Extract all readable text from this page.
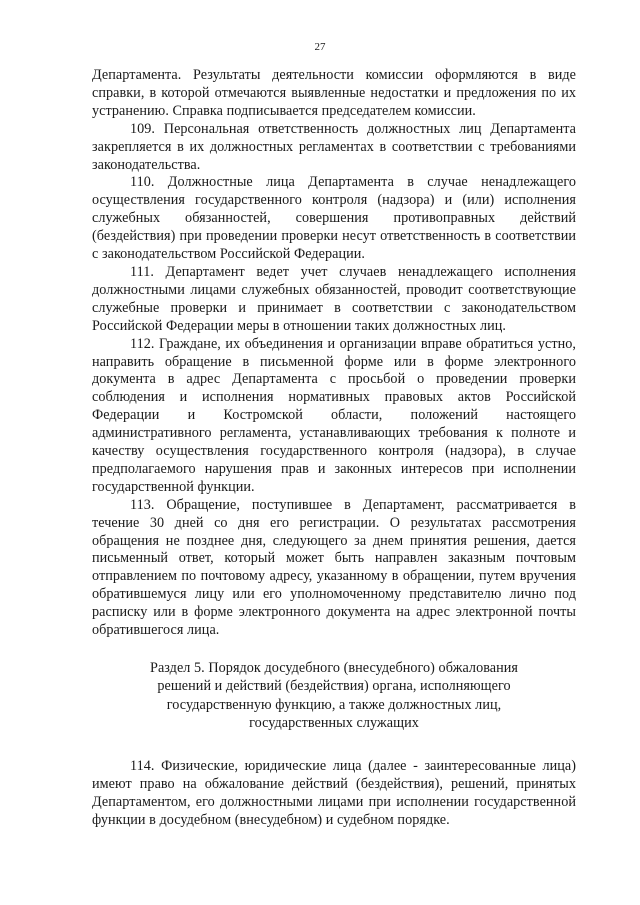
27

Департамента. Результаты деятельности комиссии оформляются в виде справки, в которой отмечаются выявленные недостатки и предложения по их устранению. Справка подписывается председателем комиссии.

109. Персональная ответственность должностных лиц Департамента закрепляется в их должностных регламентах в соответствии с требованиями законодательства.

110. Должностные лица Департамента в случае ненадлежащего осуществления государственного контроля (надзора) и (или) исполнения служебных обязанностей, совершения противоправных действий (бездействия) при проведении проверки несут ответственность в соответствии с законодательством Российской Федерации.

111. Департамент ведет учет случаев ненадлежащего исполнения должностными лицами служебных обязанностей, проводит соответствующие служебные проверки и принимает в соответствии с законодательством Российской Федерации меры в отношении таких должностных лиц.

112. Граждане, их объединения и организации вправе обратиться устно, направить обращение в письменной форме или в форме электронного документа в адрес Департамента с просьбой о проведении проверки соблюдения и исполнения нормативных правовых актов Российской Федерации и Костромской области, положений настоящего административного регламента, устанавливающих требования к полноте и качеству осуществления государственного контроля (надзора), в случае предполагаемого нарушения прав и законных интересов при исполнении государственной функции.

113. Обращение, поступившее в Департамент, рассматривается в течение 30 дней со дня его регистрации. О результатах рассмотрения обращения не позднее дня, следующего за днем принятия решения, дается письменный ответ, который может быть направлен заказным почтовым отправлением по почтовому адресу, указанному в обращении, путем вручения обратившемуся лицу или его уполномоченному представителю лично под расписку или в форме электронного документа на адрес электронной почты обратившегося лица.

Раздел 5. Порядок досудебного (внесудебного) обжалования
решений и действий (бездействия) органа, исполняющего
государственную функцию, а также должностных лиц,
государственных служащих

114. Физические, юридические лица (далее - заинтересованные лица) имеют право на обжалование действий (бездействия), решений, принятых Департаментом, его должностными лицами при исполнении государственной функции в досудебном (внесудебном) и судебном порядке.
